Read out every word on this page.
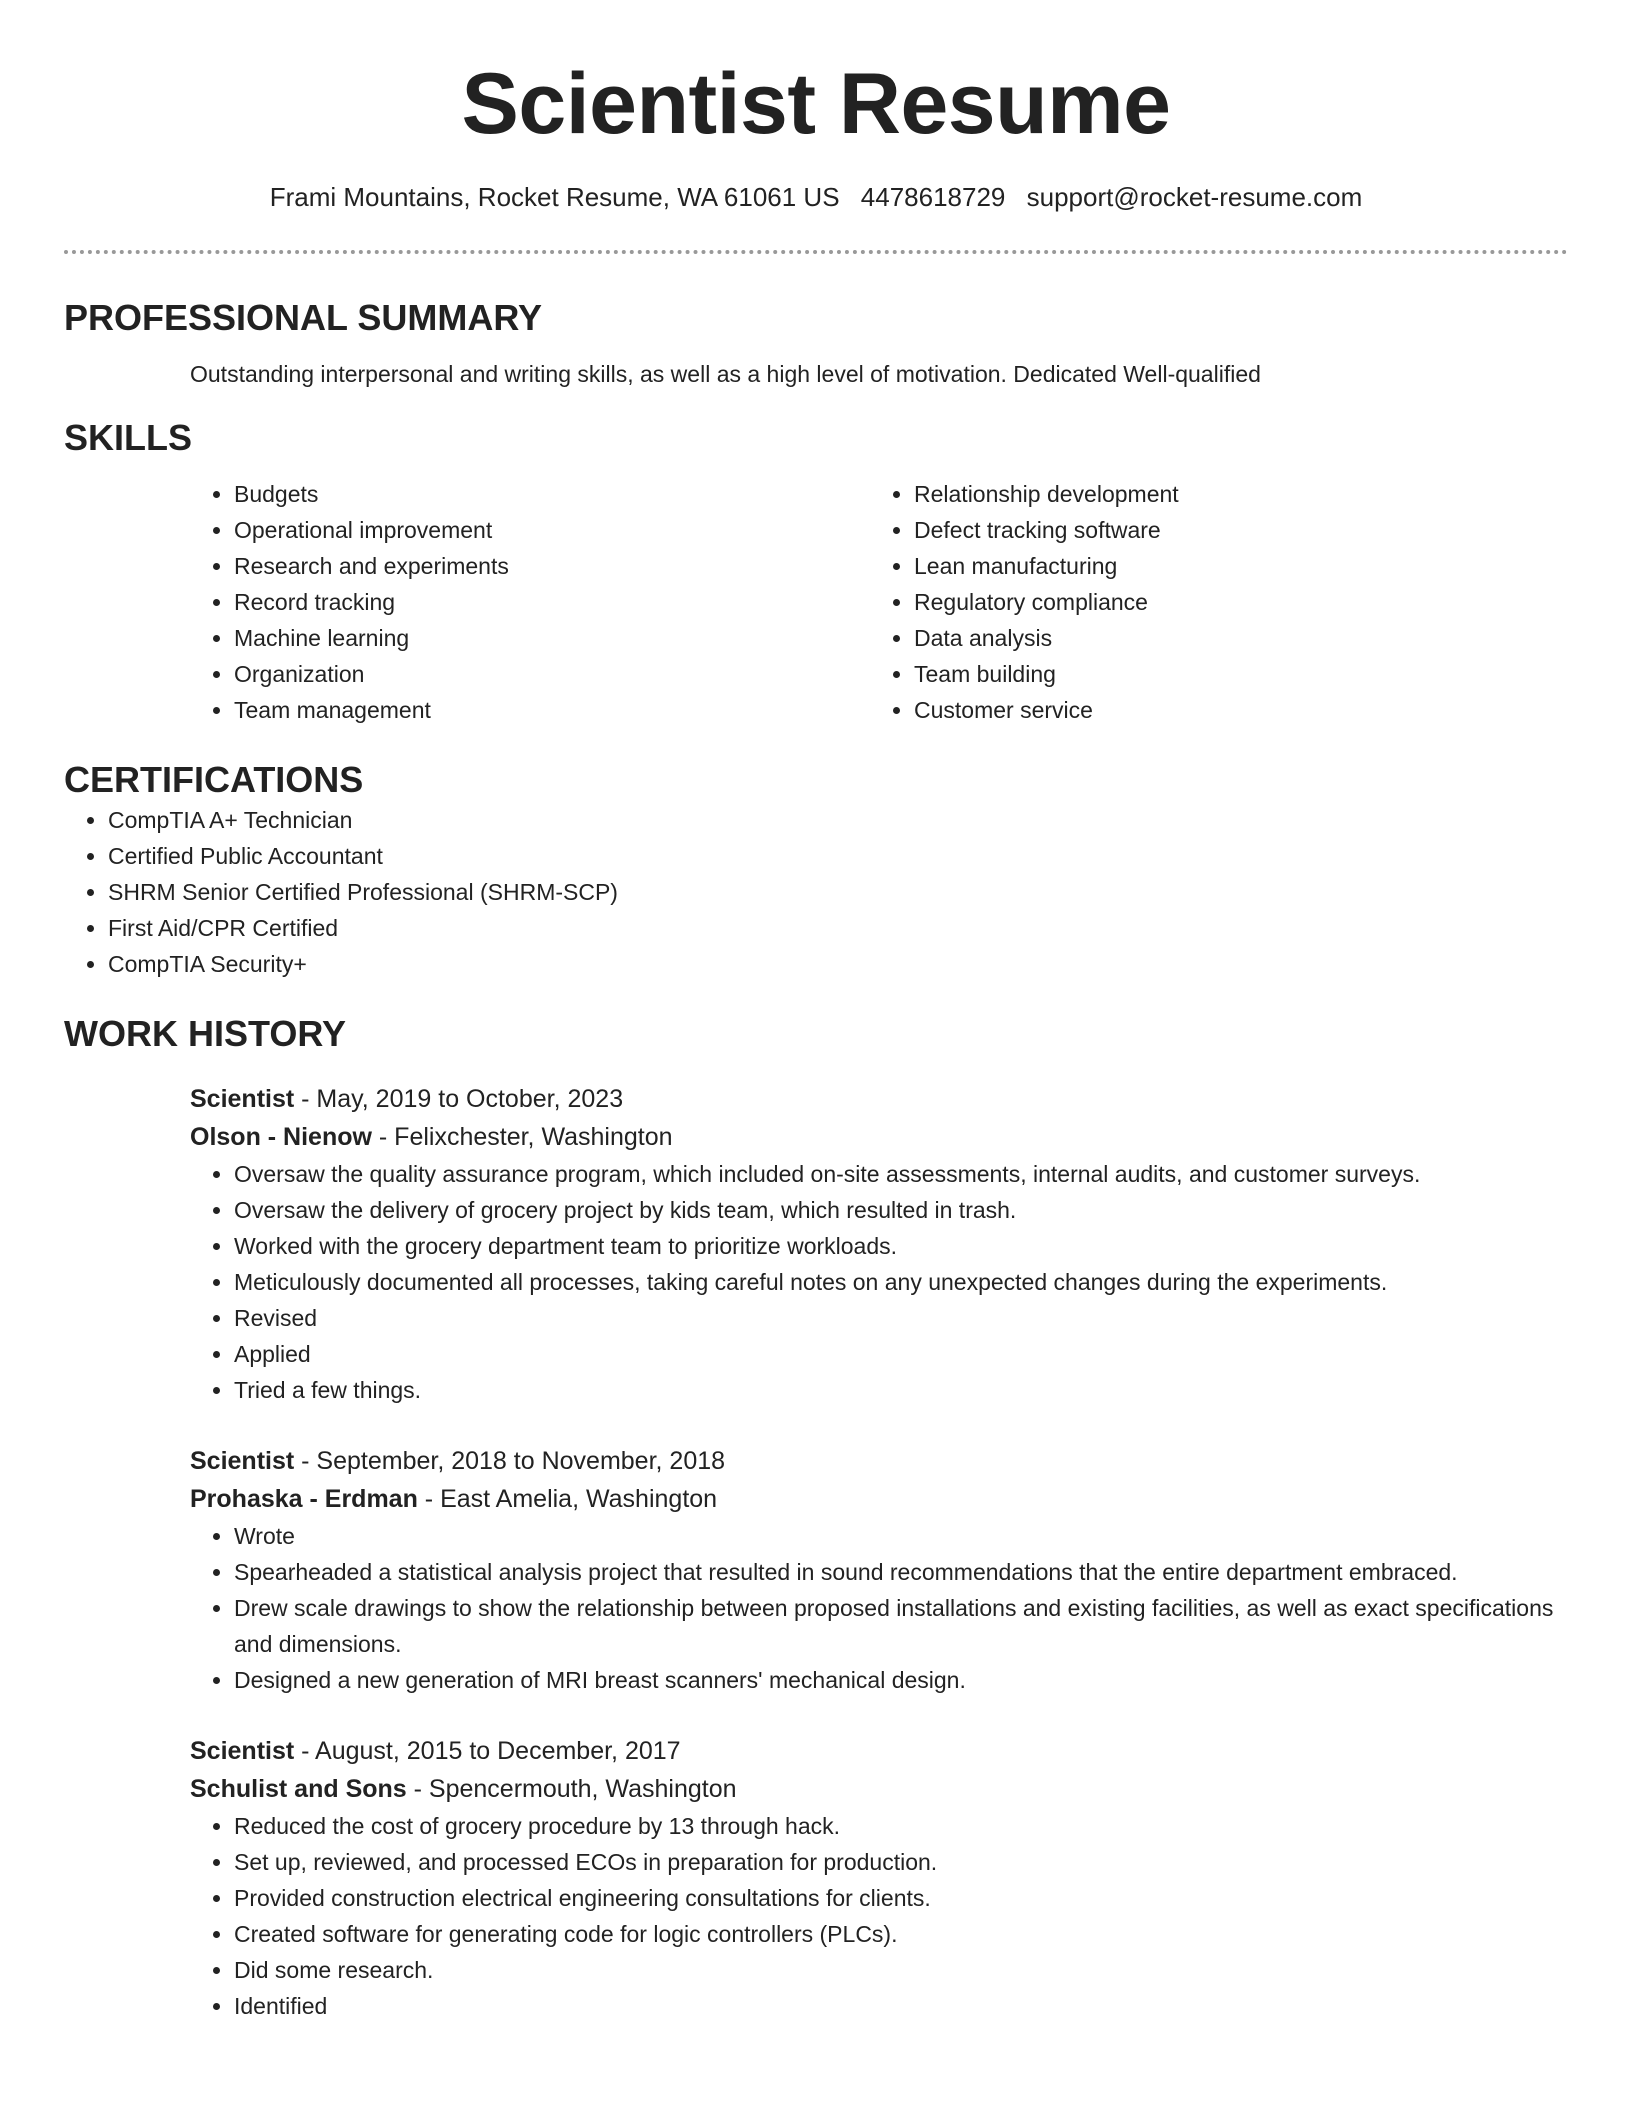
Scientist Resume
Frami Mountains, Rocket Resume, WA 61061 US 4478618729 support@rocket-resume.com
PROFESSIONAL SUMMARY
Outstanding interpersonal and writing skills, as well as a high level of motivation. Dedicated Well-qualified
SKILLS
• Budgets
• Operational improvement
• Research and experiments
• Record tracking
• Machine learning
• Organization
• Team management
• Relationship development
• Defect tracking software
• Lean manufacturing
• Regulatory compliance
• Data analysis
• Team building
• Customer service
CERTIFICATIONS
• CompTIA A+ Technician
• Certified Public Accountant
• SHRM Senior Certified Professional (SHRM-SCP)
• First Aid/CPR Certified
• CompTIA Security+
WORK HISTORY
Scientist - May, 2019 to October, 2023
Olson - Nienow - Felixchester, Washington
• Oversaw the quality assurance program, which included on-site assessments, internal audits, and customer surveys.
• Oversaw the delivery of grocery project by kids team, which resulted in trash.
• Worked with the grocery department team to prioritize workloads.
• Meticulously documented all processes, taking careful notes on any unexpected changes during the experiments.
• Revised
• Applied
• Tried a few things.
Scientist - September, 2018 to November, 2018
Prohaska - Erdman - East Amelia, Washington
• Wrote
• Spearheaded a statistical analysis project that resulted in sound recommendations that the entire department embraced.
• Drew scale drawings to show the relationship between proposed installations and existing facilities, as well as exact specifications and dimensions.
• Designed a new generation of MRI breast scanners' mechanical design.
Scientist - August, 2015 to December, 2017
Schulist and Sons - Spencermouth, Washington
• Reduced the cost of grocery procedure by 13 through hack.
• Set up, reviewed, and processed ECOs in preparation for production.
• Provided construction electrical engineering consultations for clients.
• Created software for generating code for logic controllers (PLCs).
• Did some research.
• Identified
